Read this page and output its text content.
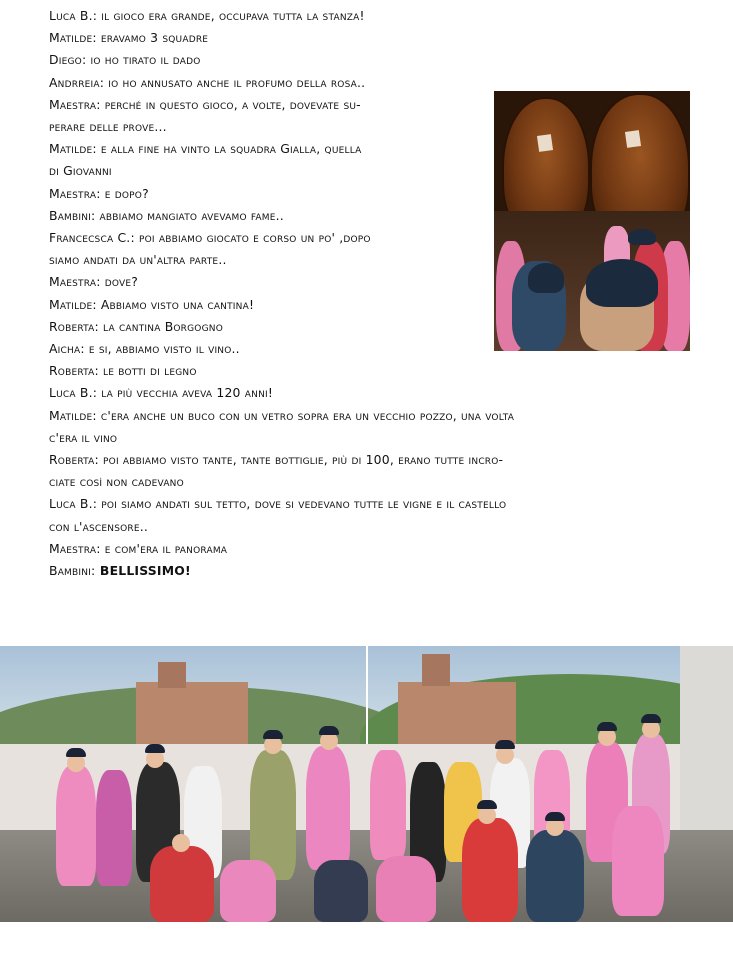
Luca B.: il gioco era grande, occupava tutta la stanza!
Matilde: eravamo 3 squadre
Diego: io ho tirato il dado
Andrreia: io ho annusato anche il profumo della rosa..
Maestra: perché in questo gioco, a volte, dovevate su-
perare delle prove...
Matilde: e alla fine ha vinto la squadra Gialla, quella
di Giovanni
Maestra: e dopo?
Bambini: abbiamo mangiato avevamo fame..
Francecsca C.: poi abbiamo giocato e corso un po' ,dopo
siamo andati da un'altra parte..
Maestra: dove?
Matilde: Abbiamo visto una cantina!
Roberta: la cantina Borgogno
Aicha: e si, abbiamo visto il vino..
Roberta: le botti di legno
Luca B.: la più vecchia aveva 120 anni!
Matilde: c'era anche un buco con un vetro sopra era un vecchio pozzo, una volta
c'era il vino
Roberta: poi abbiamo visto tante, tante bottiglie, più di 100, erano tutte incro-
ciate così non cadevano
Luca B.: poi siamo andati sul tetto, dove si vedevano tutte le vigne e il castello
con l'ascensore..
Maestra: e com'era il panorama
Bambini: BELLISSIMO!
